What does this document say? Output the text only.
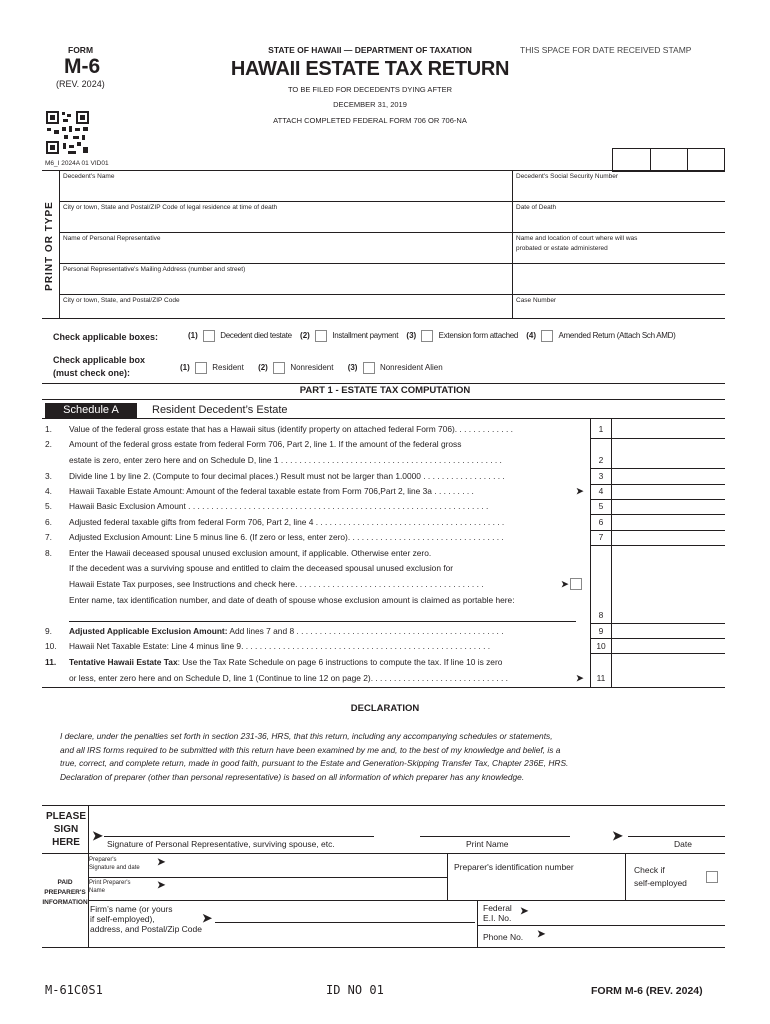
FORM
M-6
(REV. 2024)
STATE OF HAWAII — DEPARTMENT OF TAXATION
HAWAII ESTATE TAX RETURN
TO BE FILED FOR DECEDENTS DYING AFTER
DECEMBER 31, 2019
ATTACH COMPLETED FEDERAL FORM 706 OR 706-NA
THIS SPACE FOR DATE RECEIVED STAMP
M6_I 2024A 01 VID01
PRINT OR TYPE
Decedent's Name	Decedent's Social Security Number
City or town, State and Postal/ZIP Code of legal residence at time of death	Date of Death
Name of Personal Representative	Name and location of court where will was
probated or estate administered
Personal Representative's Mailing Address (number and street)
City or town, State, and Postal/ZIP Code	Case Number
Check applicable boxes:	(1)	Decedent died testate (2)	Installment payment (3)	Extension form attached (4)	Amended Return (Attach Sch AMD)
Check applicable box
(must check one):
(1)	Resident (2)	Nonresident (3)	Nonresident Alien
PART 1 - ESTATE TAX COMPUTATION
Schedule A	Resident Decedent’s Estate
1. Value of the federal gross estate that has a Hawaii situs (identify property on attached federal Form 706). . . . . . . . . . . . .	1
2. Amount of the federal gross estate from federal Form 706, Part 2, line 1. If the amount of the federal gross
estate is zero, enter zero here and on Schedule D, line 1 . . . . . . . . . . . . . . . . . . . . . . . . . . . . . . . . . . . . . . . . . . . . . . . .	2
3. Divide line 1 by line 2. (Compute to four decimal places.) Result must not be larger than 1.0000 . . . . . . . . . . . . . . . . . .	3
4. Hawaii Taxable Estate Amount: Amount of the federal taxable estate from Form 706,Part 2, line 3a . . . . . . . . .	➤	4
5. Hawaii Basic Exclusion Amount . . . . . . . . . . . . . . . . . . . . . . . . . . . . . . . . . . . . . . . . . . . . . . . . . . . . . . . . . . . . . . . . .	5
6. Adjusted federal taxable gifts from federal Form 706, Part 2, line 4 . . . . . . . . . . . . . . . . . . . . . . . . . . . . . . . . . . . . . . . . .	6
7. Adjusted Exclusion Amount: Line 5 minus line 6. (If zero or less, enter zero). . . . . . . . . . . . . . . . . . . . . . . . . . . . . . . . . .	7
8. Enter the Hawaii deceased spousal unused exclusion amount, if applicable. Otherwise enter zero.
If the decedent was a surviving spouse and entitled to claim the deceased spousal unused exclusion for
Hawaii Estate Tax purposes, see Instructions and check here. . . . . . . . . . . . . . . . . . . . . . . . . . . . . . . . . . . . . . . . .	➤
Enter name, tax identification number, and date of death of spouse whose exclusion amount is claimed as portable here:
8
9. Adjusted Applicable Exclusion Amount: Add lines 7 and 8 . . . . . . . . . . . . . . . . . . . . . . . . . . . . . . . . . . . . . . . . . . . . .	9
10. Hawaii Net Taxable Estate: Line 4 minus line 9. . . . . . . . . . . . . . . . . . . . . . . . . . . . . . . . . . . . . . . . . . . . . . . . . . . . . .	10
11. Tentative Hawaii Estate Tax: Use the Tax Rate Schedule on page 6 instructions to compute the tax. If line 10 is zero
or less, enter zero here and on Schedule D, line 1 (Continue to line 12 on page 2). . . . . . . . . . . . . . . . . . . . . . . . . . . . . .	➤	11
DECLARATION
I declare, under the penalties set forth in section 231-36, HRS, that this return, including any accompanying schedules or statements,
and all IRS forms required to be submitted with this return have been examined by me and, to the best of my knowledge and belief, is a
true, correct, and complete return, made in good faith, pursuant to the Estate and Generation-Skipping Transfer Tax, Chapter 236E, HRS.
Declaration of preparer (other than personal representative) is based on all information of which preparer has any knowledge.
PLEASE
SIGN
HERE ➤
Signature of Personal Representative, surviving spouse, etc.	Print Name
➤
Date
PAID
PREPARER'S
INFORMATION
Preparer's
Signature and date ➤
Print Preparer's
Name	➤
Preparer's identification number	Check if
self-employed
Firm’s name (or yours
if self-employed),
address, and Postal/Zip Code
➤
Federal
E.I. No.
➤
Phone No. ➤
M-61C0S1	ID NO 01	FORM M-6 (REV. 2024)
